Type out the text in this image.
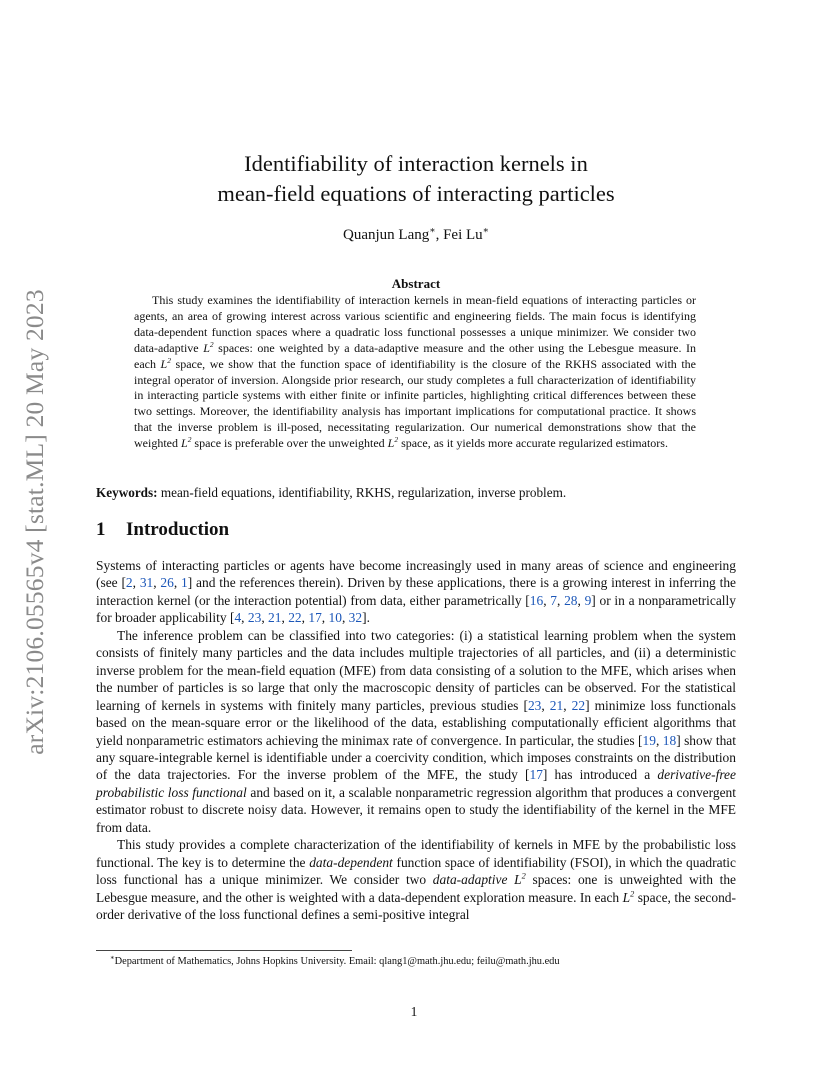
arXiv:2106.05565v4 [stat.ML] 20 May 2023
Identifiability of interaction kernels in
mean-field equations of interacting particles
Quanjun Lang∗, Fei Lu∗
Abstract

This study examines the identifiability of interaction kernels in mean-field equations of interacting particles or agents, an area of growing interest across various scientific and engineering fields. The main focus is identifying data-dependent function spaces where a quadratic loss functional possesses a unique minimizer. We consider two data-adaptive $L^2$ spaces: one weighted by a data-adaptive measure and the other using the Lebesgue measure. In each $L^2$ space, we show that the function space of identifiability is the closure of the RKHS associated with the integral operator of inversion. Alongside prior research, our study completes a full characterization of identifiability in interacting particle systems with either finite or infinite particles, highlighting critical differences between these two settings. Moreover, the identifiability analysis has important implications for computational practice. It shows that the inverse problem is ill-posed, necessitating regularization. Our numerical demonstrations show that the weighted $L^2$ space is preferable over the unweighted $L^2$ space, as it yields more accurate regularized estimators.

Keywords: mean-field equations, identifiability, RKHS, regularization, inverse problem.

1 Introduction

Systems of interacting particles or agents have become increasingly used in many areas of science and engineering (see [2, 31, 26, 1] and the references therein). Driven by these applications, there is a growing interest in inferring the interaction kernel (or the interaction potential) from data, either parametrically [16, 7, 28, 9] or in a nonparametrically for broader applicability [4, 23, 21, 22, 17, 10, 32].

The inference problem can be classified into two categories: (i) a statistical learning problem when the system consists of finitely many particles and the data includes multiple trajectories of all particles, and (ii) a deterministic inverse problem for the mean-field equation (MFE) from data consisting of a solution to the MFE, which arises when the number of particles is so large that only the macroscopic density of particles can be observed. For the statistical learning of kernels in systems with finitely many particles, previous studies [23, 21, 22] minimize loss functionals based on the mean-square error or the likelihood of the data, establishing computationally efficient algorithms that yield nonparametric estimators achieving the minimax rate of convergence. In particular, the studies [19, 18] show that any square-integrable kernel is identifiable under a coercivity condition, which imposes constraints on the distribution of the data trajectories. For the inverse problem of the MFE, the study [17] has introduced a derivative-free probabilistic loss functional and based on it, a scalable nonparametric regression algorithm that produces a convergent estimator robust to discrete noisy data. However, it remains open to study the identifiability of the kernel in the MFE from data.

This study provides a complete characterization of the identifiability of kernels in MFE by the probabilistic loss functional. The key is to determine the data-dependent function space of identifiability (FSOI), in which the quadratic loss functional has a unique minimizer. We consider two data-adaptive $L^2$ spaces: one is unweighted with the Lebesgue measure, and the other is weighted with a data-dependent exploration measure. In each $L^2$ space, the second-order derivative of the loss functional defines a semi-positive integral

∗Department of Mathematics, Johns Hopkins University. Email: qlang1@math.jhu.edu; feilu@math.jhu.edu
1
